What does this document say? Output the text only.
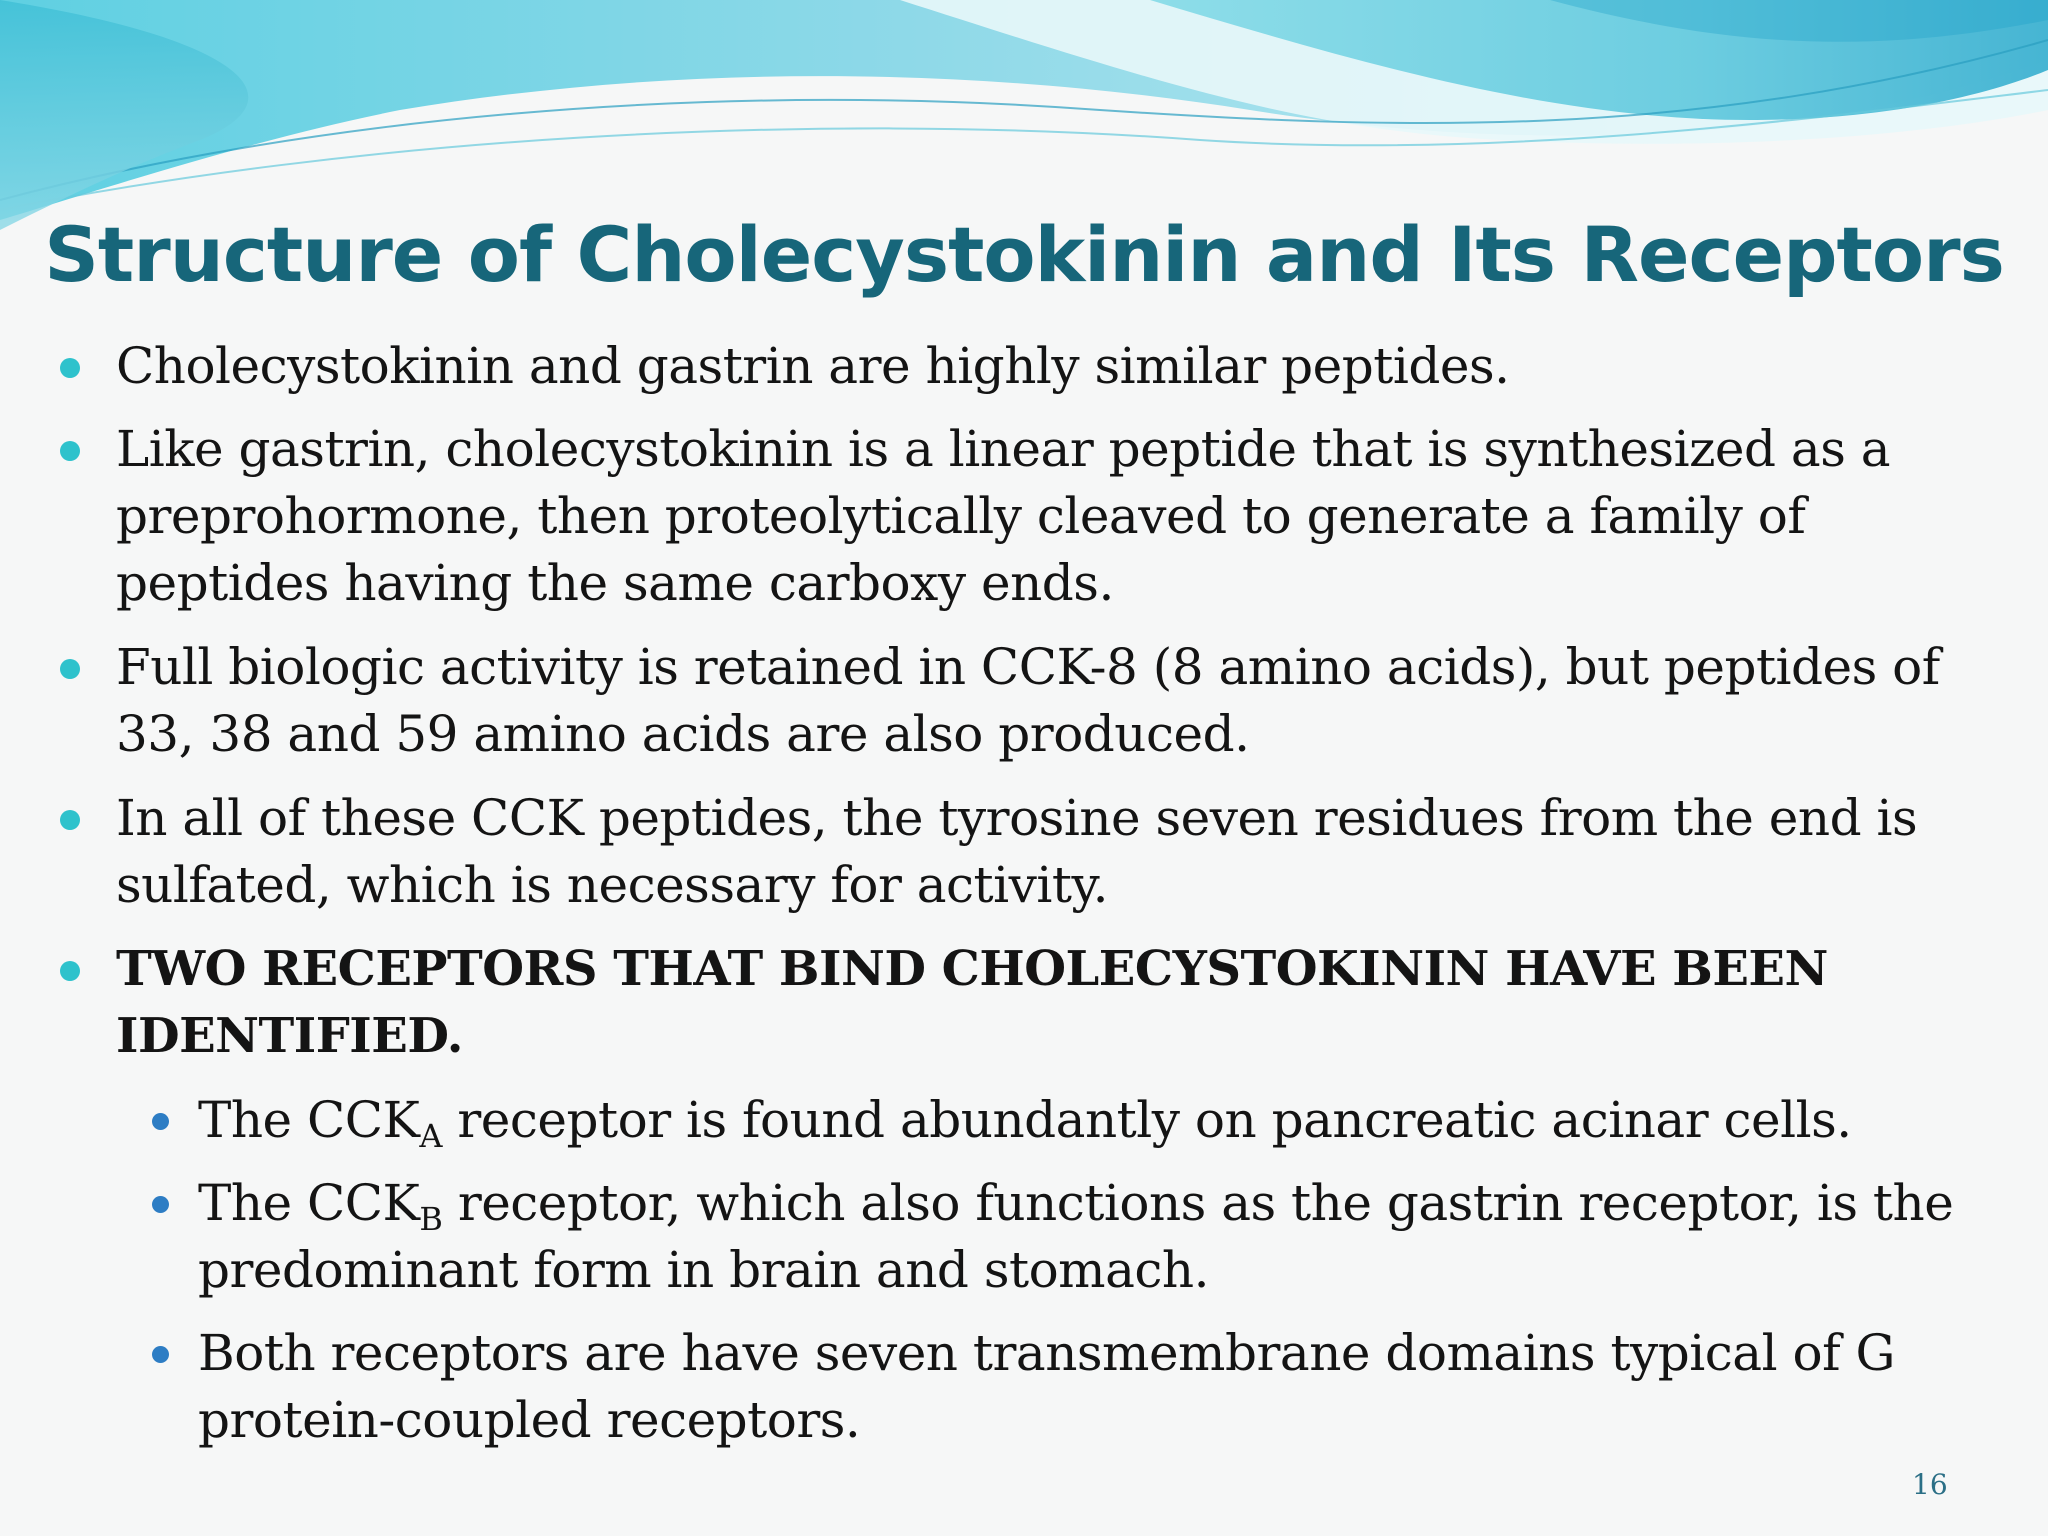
Structure of Cholecystokinin and Its Receptors
Cholecystokinin and gastrin are highly similar peptides.
Like gastrin, cholecystokinin is a linear peptide that is synthesized as a preprohormone, then proteolytically cleaved to generate a family of peptides having the same carboxy ends.
Full biologic activity is retained in CCK-8 (8 amino acids), but peptides of 33, 38 and 59 amino acids are also produced.
In all of these CCK peptides, the tyrosine seven residues from the end is sulfated, which is necessary for activity.
TWO RECEPTORS THAT BIND CHOLECYSTOKININ HAVE BEEN IDENTIFIED.
The $CCK_A$ receptor is found abundantly on pancreatic acinar cells.
The $CCK_B$ receptor, which also functions as the gastrin receptor, is the predominant form in brain and stomach.
Both receptors are have seven transmembrane domains typical of G protein-coupled receptors.
16
